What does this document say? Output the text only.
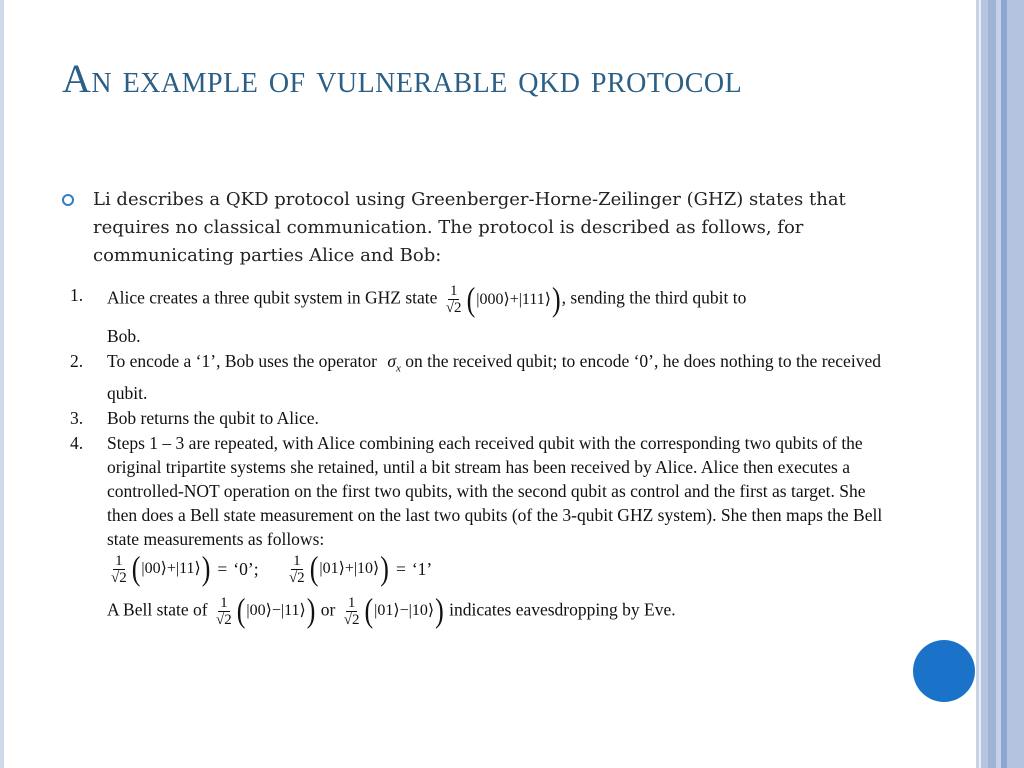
An example of vulnerable qkd protocol
Li describes a QKD protocol using Greenberger-Horne-Zeilinger (GHZ) states that requires no classical communication. The protocol is described as follows, for communicating parties Alice and Bob:
1. Alice creates a three qubit system in GHZ state $\frac{1}{√2}$ ( |000⟩ + |111⟩ ) , sending the third qubit to
Bob.
2. To encode a ‘1’, Bob uses the operator $\sigma_x$ on the received qubit; to encode ‘0’, he does nothing to the received qubit.
3. Bob returns the qubit to Alice.
4. Steps 1 – 3 are repeated, with Alice combining each received qubit with the corresponding two qubits of the original tripartite systems she retained, until a bit stream has been received by Alice. Alice then executes a controlled-NOT operation on the first two qubits, with the second qubit as control and the first as target. She then does a Bell state measurement on the last two qubits (of the 3-qubit GHZ system). She then maps the Bell state measurements as follows:
$\frac{1}{√2}$ ( |00⟩ + |11⟩ ) = ‘0’;
$\frac{1}{√2}$ ( |01⟩ + |10⟩ ) = ‘1’
A Bell state of $\frac{1}{√2}$ ( |00⟩ − |11⟩ ) or $\frac{1}{√2}$ ( |01⟩ − |10⟩ ) indicates eavesdropping by Eve.
